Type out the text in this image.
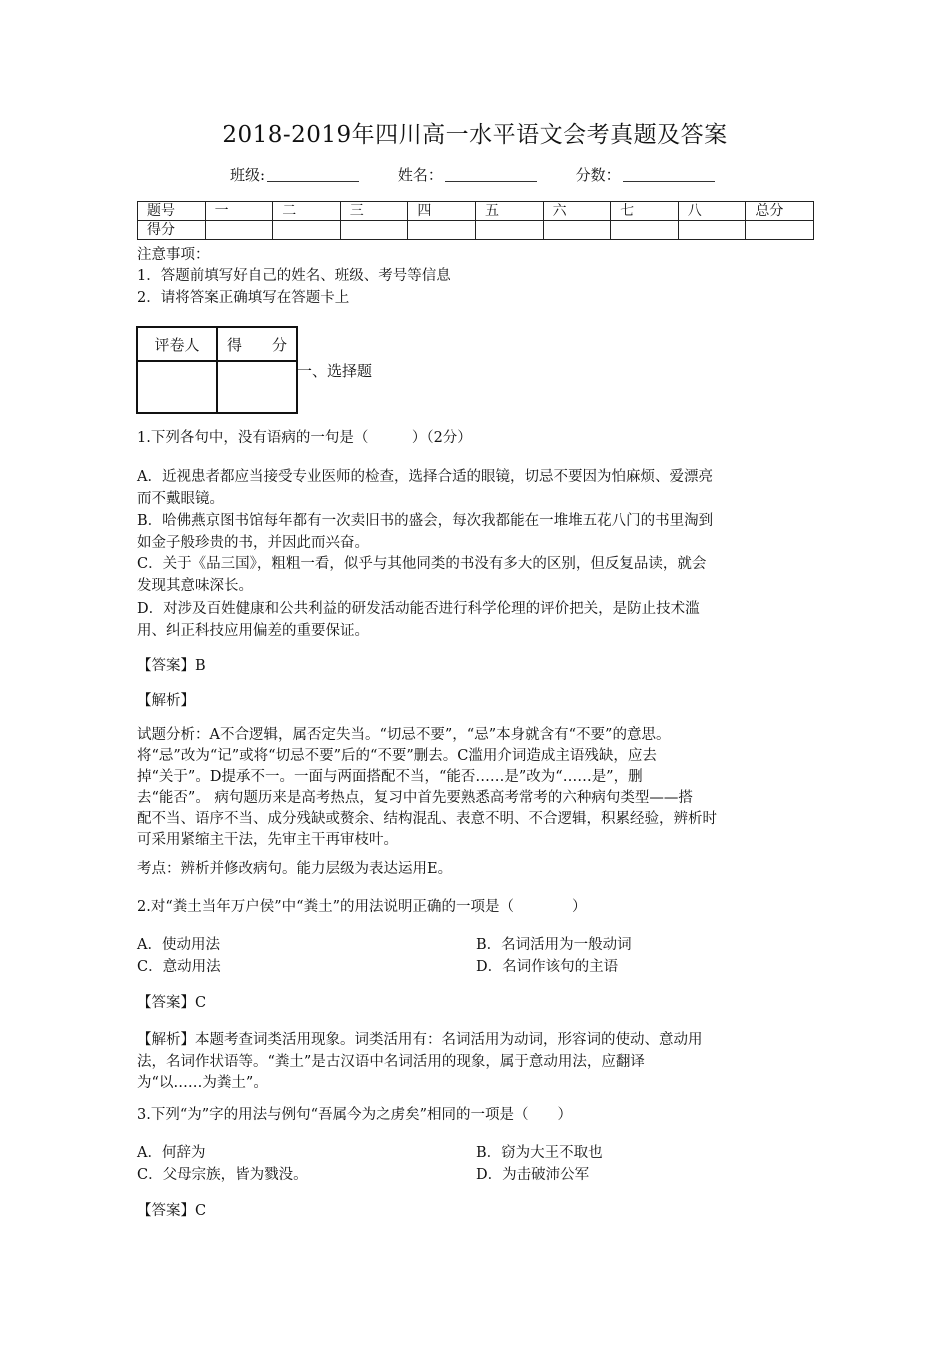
2018-2019年四川高一水平语文会考真题及答案
班级:	姓名：	分数：
题号	一	二	三	四	五	六	七	八	总分
得分									
注意事项：
1．答题前填写好自己的姓名、班级、考号等信息
2．请将答案正确填写在答题卡上
评卷人	得　　分

一、选择题
1.下列各句中，没有语病的一句是（　　　）（2分）
A．近视患者都应当接受专业医师的检查，选择合适的眼镜，切忌不要因为怕麻烦、爱漂亮
而不戴眼镜。
B．哈佛燕京图书馆每年都有一次卖旧书的盛会，每次我都能在一堆堆五花八门的书里淘到
如金子般珍贵的书，并因此而兴奋。
C．关于《品三国》，粗粗一看，似乎与其他同类的书没有多大的区别，但反复品读，就会
发现其意味深长。
D．对涉及百姓健康和公共利益的研发活动能否进行科学伦理的评价把关，是防止技术滥
用、纠正科技应用偏差的重要保证。
【答案】B
【解析】
试题分析：A不合逻辑，属否定失当。“切忌不要”，“忌”本身就含有“不要”的意思。
将“忌”改为“记”或将“切忌不要”后的“不要”删去。C滥用介词造成主语残缺，应去
掉“关于”。D提承不一。一面与两面搭配不当，“能否……是”改为“……是”，删
去“能否”。 病句题历来是高考热点，复习中首先要熟悉高考常考的六种病句类型——搭
配不当、语序不当、成分残缺或赘余、结构混乱、表意不明、不合逻辑，积累经验，辨析时
可采用紧缩主干法，先审主干再审枝叶。
考点：辨析并修改病句。能力层级为表达运用E。
2.对“粪土当年万户侯”中“粪土”的用法说明正确的一项是（　　　　）
A．使动用法	B．名词活用为一般动词
C．意动用法	D．名词作该句的主语
【答案】C
【解析】本题考查词类活用现象。词类活用有：名词活用为动词，形容词的使动、意动用
法，名词作状语等。“粪土”是古汉语中名词活用的现象，属于意动用法，应翻译
为“以……为粪土”。
3.下列“为”字的用法与例句“吾属今为之虏矣”相同的一项是（　　）
A．何辞为	B．窃为大王不取也
C．父母宗族，皆为戮没。	D．为击破沛公军
【答案】C
